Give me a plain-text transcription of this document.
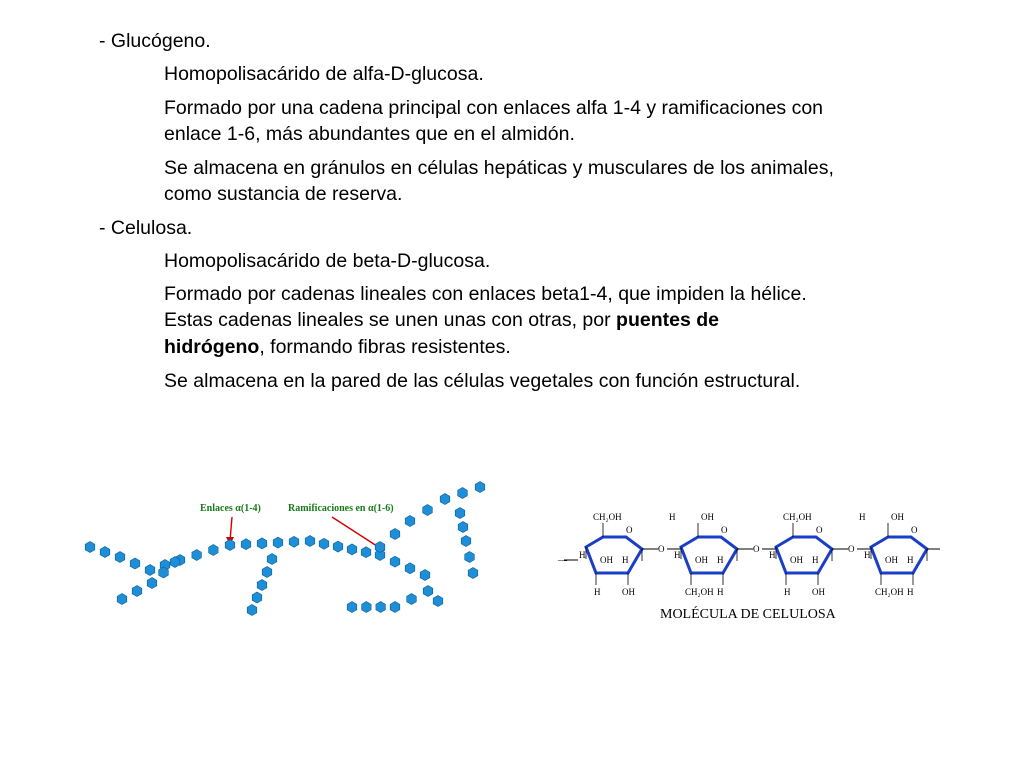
- Glucógeno.
Homopolisacárido de alfa-D-glucosa.
Formado por una cadena principal con enlaces alfa 1-4 y ramificaciones con
enlace 1-6, más abundantes que en el almidón.
Se almacena en gránulos en células hepáticas y musculares de los animales,
como sustancia de reserva.
- Celulosa.
Homopolisacárido de beta-D-glucosa.
Formado por cadenas lineales con enlaces beta1-4, que impiden la hélice.
Estas cadenas lineales se unen unas con otras, por puentes de
hidrógeno, formando fibras resistentes.
Se almacena en la pared de las células vegetales con función estructural.
Enlaces α(1-4)	Ramificaciones en α(1-6)
—
O
CH₂OH
H OH H
H OH
O
O
H	OH
H OH H
CH₂OH H
O
O
CH₂OH
H OH H
H OH
O
O
H	OH
H OH H
CH₂OH H
MOLÉCULA DE CELULOSA
